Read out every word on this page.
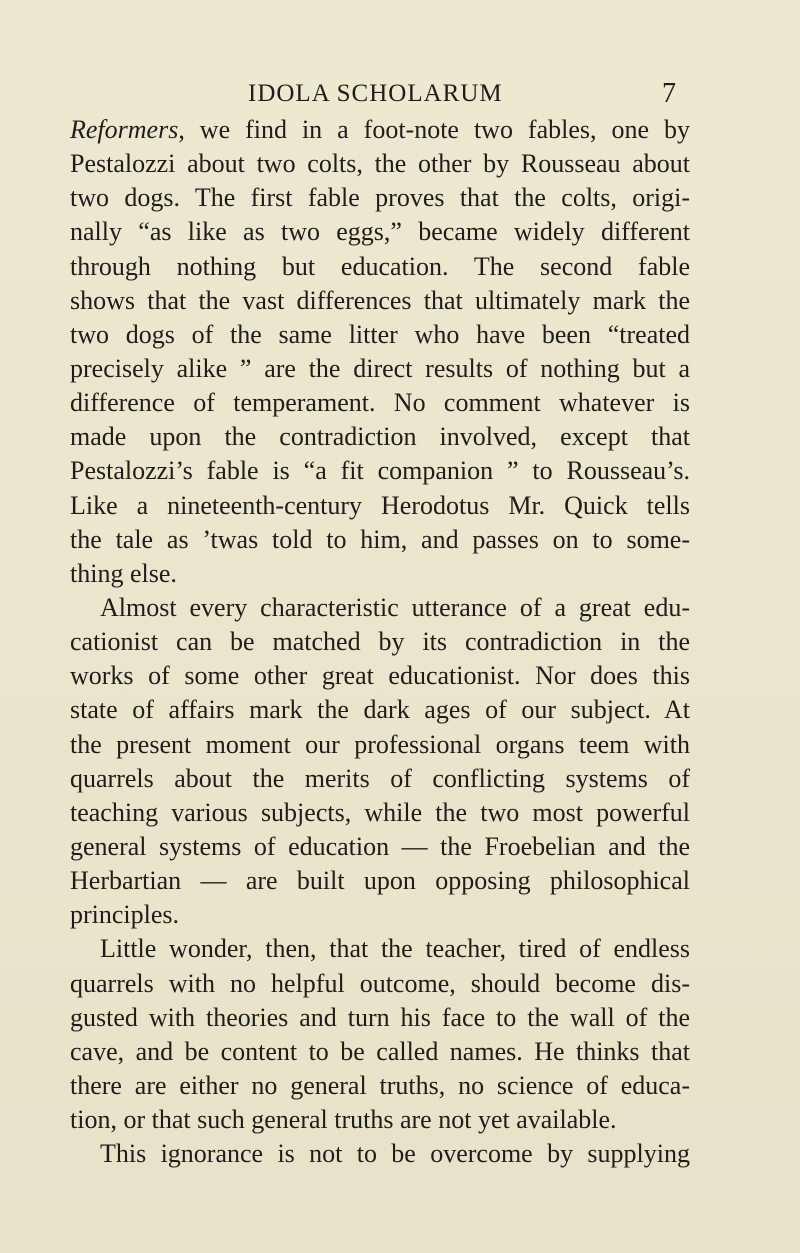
IDOLA SCHOLARUM	7
Reformers, we find in a foot-note two fables, one by
Pestalozzi about two colts, the other by Rousseau about
two dogs. The first fable proves that the colts, origi-
nally “as like as two eggs,” became widely different
through nothing but education. The second fable
shows that the vast differences that ultimately mark the
two dogs of the same litter who have been “treated
precisely alike ” are the direct results of nothing but a
difference of temperament. No comment whatever is
made upon the contradiction involved, except that
Pestalozzi’s fable is “a fit companion ” to Rousseau’s.
Like a nineteenth-century Herodotus Mr. Quick tells
the tale as ’twas told to him, and passes on to some-
thing else.
Almost every characteristic utterance of a great edu-
cationist can be matched by its contradiction in the
works of some other great educationist. Nor does this
state of affairs mark the dark ages of our subject. At
the present moment our professional organs teem with
quarrels about the merits of conflicting systems of
teaching various subjects, while the two most powerful
general systems of education — the Froebelian and the
Herbartian — are built upon opposing philosophical
principles.
Little wonder, then, that the teacher, tired of endless
quarrels with no helpful outcome, should become dis-
gusted with theories and turn his face to the wall of the
cave, and be content to be called names. He thinks that
there are either no general truths, no science of educa-
tion, or that such general truths are not yet available.
This ignorance is not to be overcome by supplying
